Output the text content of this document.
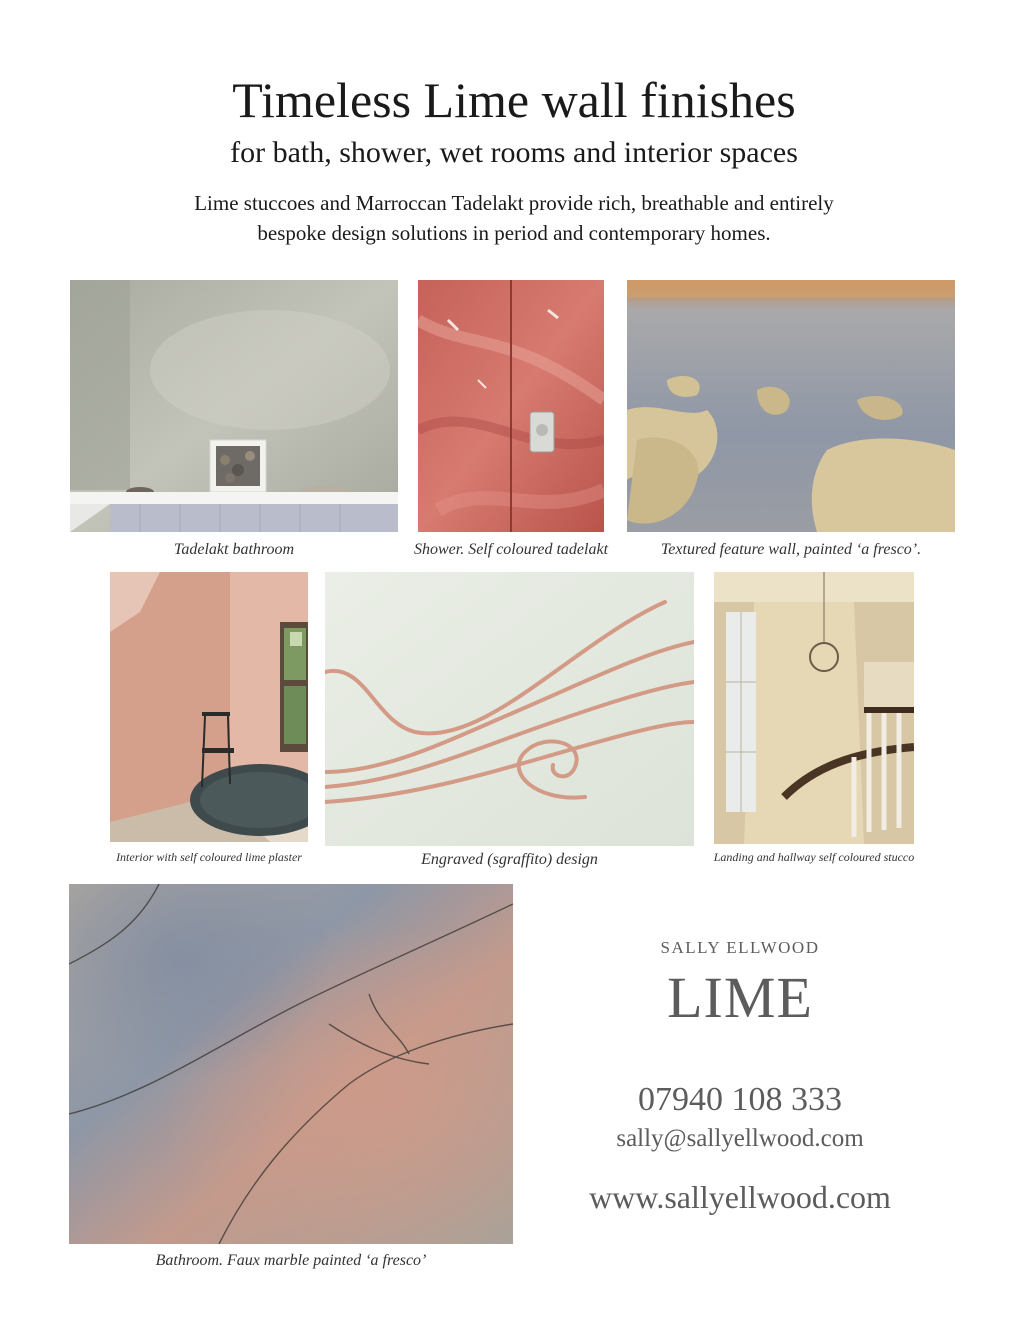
Timeless Lime wall finishes
for bath, shower, wet rooms and interior spaces
Lime stuccoes and Marroccan Tadelakt provide rich, breathable and entirely
bespoke design solutions in period and contemporary homes.
Tadelakt bathroom	Shower. Self coloured tadelakt	Textured feature wall, painted ‘a fresco’.
Interior with self coloured lime plaster	Engraved (sgraffito) design	Landing and hallway self coloured stucco
Bathroom. Faux marble painted ‘a fresco’
SALLY ELLWOOD
LIME
07940 108 333
sally@sallyellwood.com
www.sallyellwood.com
